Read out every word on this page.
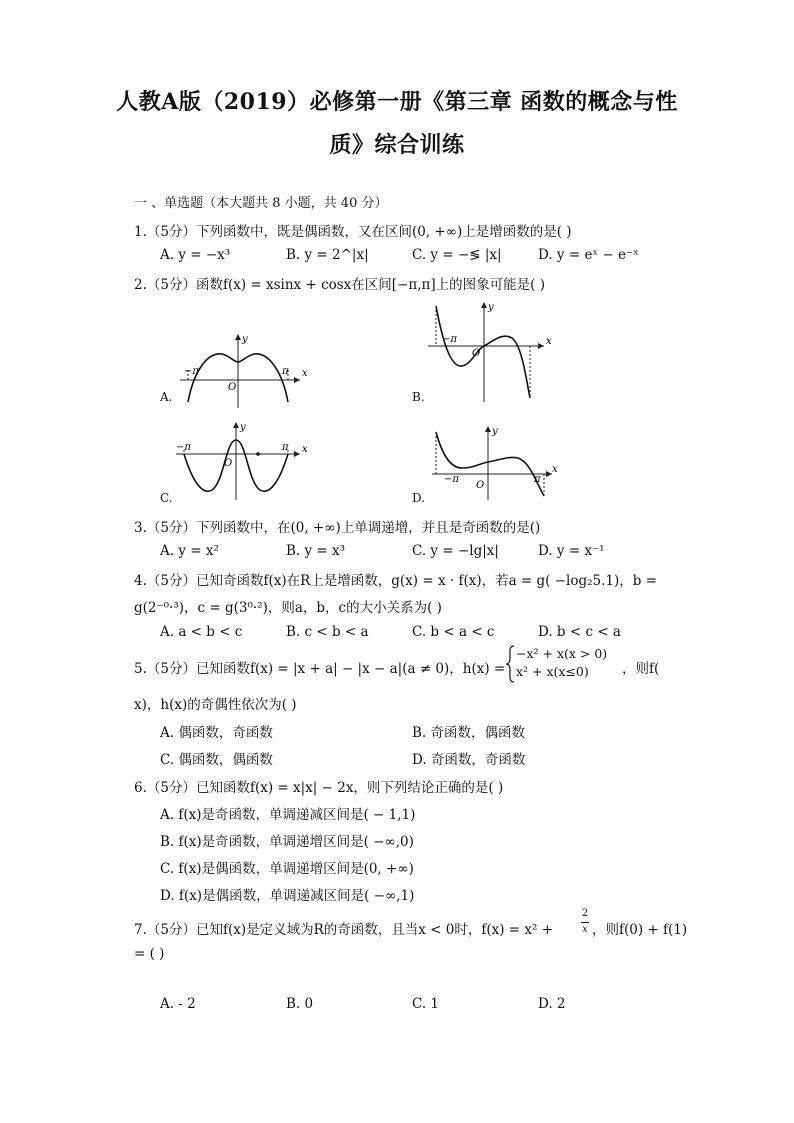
人教A版（2019）必修第一册《第三章 函数的概念与性
质》综合训练
一 、单选题（本大题共 8 小题，共 40 分）
1.（5分）下列函数中，既是偶函数，又在区间(0, +∞)上是增函数的是( )
A. y = −x³	B. y = 2^|x|	C. y = −≶ |x|	D. y = eˣ − e⁻ˣ
2.（5分）函数f(x) = xsinx + cosx在区间[−π,π]上的图象可能是( )
−π	π x
y
O
A.
−π	x
y
O
B.
−π	π x
y
O
C.
−π	π
x
y
O
D.
3.（5分）下列函数中，在(0, +∞)上单调递增，并且是奇函数的是()
A. y = x²	B. y = x³	C. y = −lg|x|	D. y = x⁻¹
4.（5分）已知奇函数f(x)在R上是增函数，g(x) = x · f(x)，若a = g( −log₂5.1)，b =
g(2⁻⁰·³)，c = g(3⁰·²)，则a，b，c的大小关系为( )
A. a < b < c	B. c < b < a	C. b < a < c	D. b < c < a
5.（5分）已知函数f(x) = |x + a| − |x − a|(a ≠ 0)，h(x) =
−x² + x(x > 0)
x² + x(x≤0) ，则f(
x)，h(x)的奇偶性依次为( )
A. 偶函数，奇函数	B. 奇函数，偶函数
C. 偶函数，偶函数	D. 奇函数，奇函数
6.（5分）已知函数f(x) = x|x| − 2x，则下列结论正确的是( )
A. f(x)是奇函数，单调递减区间是( − 1,1)
B. f(x)是奇函数，单调递增区间是( −∞,0)
C. f(x)是偶函数，单调递增区间是(0, +∞)
D. f(x)是偶函数，单调递减区间是( −∞,1)
7.（5分）已知f(x)是定义域为R的奇函数，且当x < 0时，f(x) = x² +
2
x ，则f(0) + f(1)
= ( )
A. - 2	B. 0	C. 1	D. 2
